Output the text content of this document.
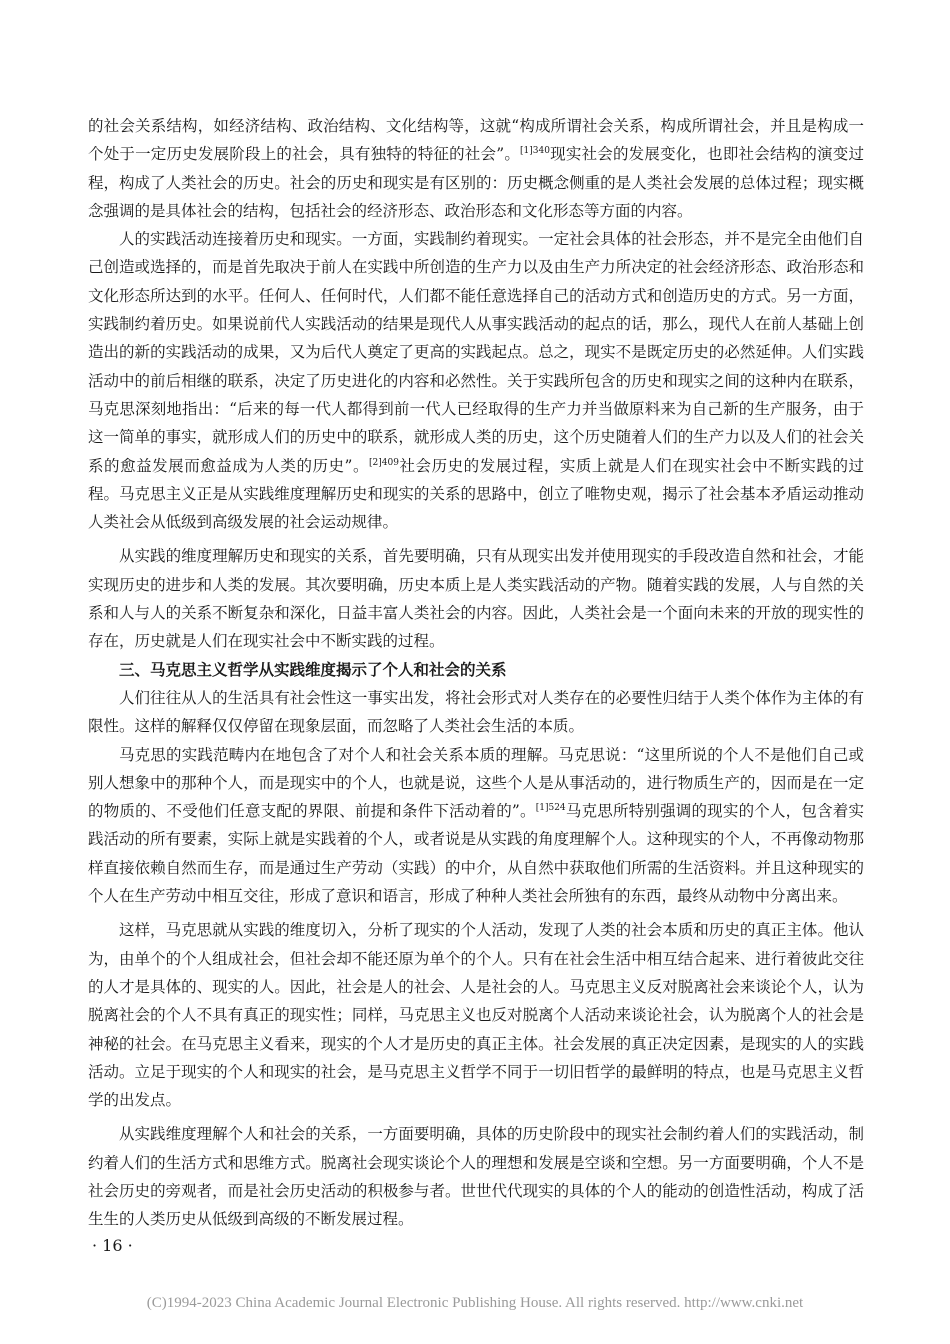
的社会关系结构，如经济结构、政治结构、文化结构等，这就“构成所谓社会关系，构成所谓社会，并且是构成一个处于一定历史发展阶段上的社会，具有独特的特征的社会”。$^{[1]340}$现实社会的发展变化，也即社会结构的演变过程，构成了人类社会的历史。社会的历史和现实是有区别的：历史概念侧重的是人类社会发展的总体过程；现实概念强调的是具体社会的结构，包括社会的经济形态、政治形态和文化形态等方面的内容。

人的实践活动连接着历史和现实。一方面，实践制约着现实。一定社会具体的社会形态，并不是完全由他们自己创造或选择的，而是首先取决于前人在实践中所创造的生产力以及由生产力所决定的社会经济形态、政治形态和文化形态所达到的水平。任何人、任何时代，人们都不能任意选择自己的活动方式和创造历史的方式。另一方面，实践制约着历史。如果说前代人实践活动的结果是现代人从事实践活动的起点的话，那么，现代人在前人基础上创造出的新的实践活动的成果，又为后代人奠定了更高的实践起点。总之，现实不是既定历史的必然延伸。人们实践活动中的前后相继的联系，决定了历史进化的内容和必然性。关于实践所包含的历史和现实之间的这种内在联系，马克思深刻地指出：“后来的每一代人都得到前一代人已经取得的生产力并当做原料来为自己新的生产服务，由于这一简单的事实，就形成人们的历史中的联系，就形成人类的历史，这个历史随着人们的生产力以及人们的社会关系的愈益发展而愈益成为人类的历史”。$^{[2]409}$社会历史的发展过程，实质上就是人们在现实社会中不断实践的过程。马克思主义正是从实践维度理解历史和现实的关系的思路中，创立了唯物史观，揭示了社会基本矛盾运动推动人类社会从低级到高级发展的社会运动规律。

从实践的维度理解历史和现实的关系，首先要明确，只有从现实出发并使用现实的手段改造自然和社会，才能实现历史的进步和人类的发展。其次要明确，历史本质上是人类实践活动的产物。随着实践的发展，人与自然的关系和人与人的关系不断复杂和深化，日益丰富人类社会的内容。因此，人类社会是一个面向未来的开放的现实性的存在，历史就是人们在现实社会中不断实践的过程。

三、马克思主义哲学从实践维度揭示了个人和社会的关系

人们往往从人的生活具有社会性这一事实出发，将社会形式对人类存在的必要性归结于人类个体作为主体的有限性。这样的解释仅仅停留在现象层面，而忽略了人类社会生活的本质。

马克思的实践范畴内在地包含了对个人和社会关系本质的理解。马克思说：“这里所说的个人不是他们自己或别人想象中的那种个人，而是现实中的个人，也就是说，这些个人是从事活动的，进行物质生产的，因而是在一定的物质的、不受他们任意支配的界限、前提和条件下活动着的”。$^{[1]524}$马克思所特别强调的现实的个人，包含着实践活动的所有要素，实际上就是实践着的个人，或者说是从实践的角度理解个人。这种现实的个人，不再像动物那样直接依赖自然而生存，而是通过生产劳动（实践）的中介，从自然中获取他们所需的生活资料。并且这种现实的个人在生产劳动中相互交往，形成了意识和语言，形成了种种人类社会所独有的东西，最终从动物中分离出来。

这样，马克思就从实践的维度切入，分析了现实的个人活动，发现了人类的社会本质和历史的真正主体。他认为，由单个的个人组成社会，但社会却不能还原为单个的个人。只有在社会生活中相互结合起来、进行着彼此交往的人才是具体的、现实的人。因此，社会是人的社会、人是社会的人。马克思主义反对脱离社会来谈论个人，认为脱离社会的个人不具有真正的现实性；同样，马克思主义也反对脱离个人活动来谈论社会，认为脱离个人的社会是神秘的社会。在马克思主义看来，现实的个人才是历史的真正主体。社会发展的真正决定因素，是现实的人的实践活动。立足于现实的个人和现实的社会，是马克思主义哲学不同于一切旧哲学的最鲜明的特点，也是马克思主义哲学的出发点。

从实践维度理解个人和社会的关系，一方面要明确，具体的历史阶段中的现实社会制约着人们的实践活动，制约着人们的生活方式和思维方式。脱离社会现实谈论个人的理想和发展是空谈和空想。另一方面要明确，个人不是社会历史的旁观者，而是社会历史活动的积极参与者。世世代代现实的具体的个人的能动的创造性活动，构成了活生生的人类历史从低级到高级的不断发展过程。

· 16 ·
(C)1994-2023 China Academic Journal Electronic Publishing House. All rights reserved. http://www.cnki.net
